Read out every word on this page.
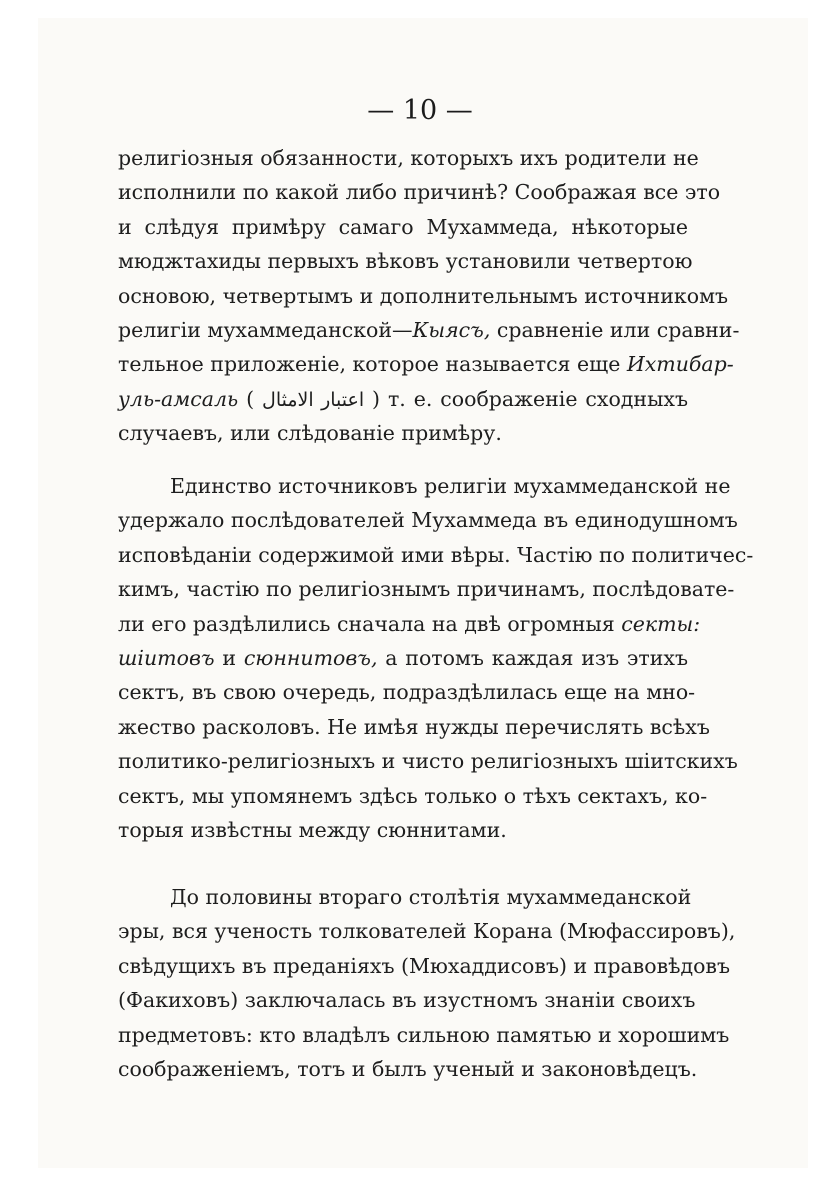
— 10 —
религіозныя обязанности, которыхъ ихъ родители не
исполнили по какой либо причинѣ? Соображая все это
и слѣдуя примѣру самаго Мухаммеда, нѣкоторые
мюджтахиды первыхъ вѣковъ установили четвертою
основою, четвертымъ и дополнительнымъ источникомъ
религіи мухаммеданской—Кыясъ, сравненіе или сравни-
тельное приложеніе, которое называется еще Ихтибар-
уль-амсаль ( اعتبار الامثال ) т. е. соображеніе сходныхъ
случаевъ, или слѣдованіе примѣру.
Единство источниковъ религіи мухаммеданской не
удержало послѣдователей Мухаммеда въ единодушномъ
исповѣданіи содержимой ими вѣры. Частію по политичес-
кимъ, частію по религіознымъ причинамъ, послѣдовате-
ли его раздѣлились сначала на двѣ огромныя секты:
шіитовъ и сюннитовъ, а потомъ каждая изъ этихъ
сектъ, въ свою очередь, подраздѣлилась еще на мно-
жество расколовъ. Не имѣя нужды перечислять всѣхъ
политико-религіозныхъ и чисто религіозныхъ шіитскихъ
сектъ, мы упомянемъ здѣсь только о тѣхъ сектахъ, ко-
торыя извѣстны между сюннитами.
До половины втораго столѣтія мухаммеданской
эры, вся ученость толкователей Корана (Мюфассировъ),
свѣдущихъ въ преданіяхъ (Мюхаддисовъ) и правовѣдовъ
(Факиховъ) заключалась въ изустномъ знаніи своихъ
предметовъ: кто владѣлъ сильною памятью и хорошимъ
соображеніемъ, тотъ и былъ ученый и законовѣдецъ.
